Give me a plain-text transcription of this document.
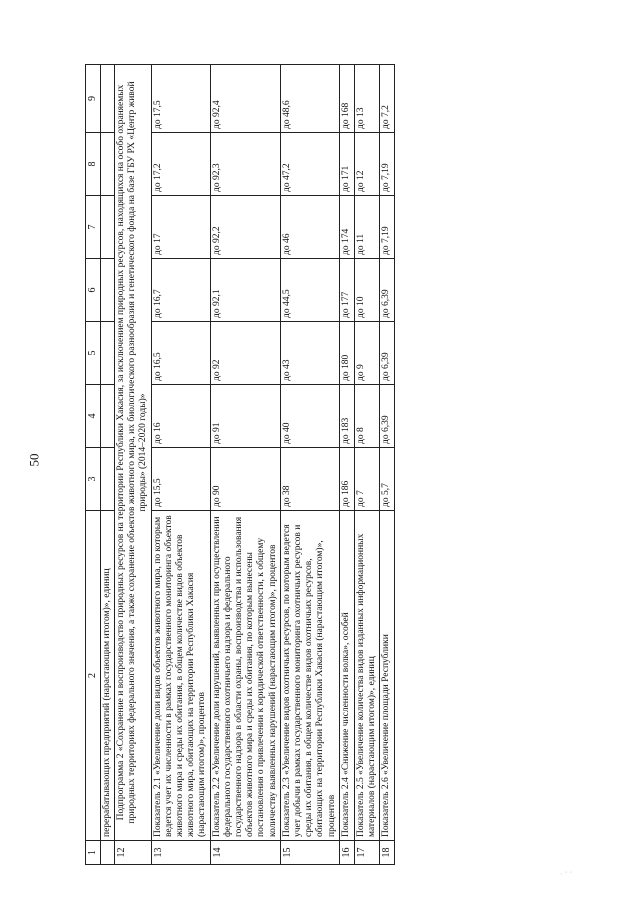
50
1	2	3	4	5	6	7	8	9
	перерабатывающих предприятий (нарастающим итогом)», единиц							
12	Подпрограмма 2 «Сохранение и воспроизводство природных ресурсов на территории Республики Хакасия, за исключением природных ресурсов, находящихся на особо охраняемых природных территориях федерального значения, а также сохранение объектов животного мира, их биологического разнообразия и генетического фонда на базе ГБУ РХ «Центр живой природы» (2014–2020 годы)»							
13	Показатель 2.1 «Увеличение доли видов объектов животного мира, по которым ведется учет их численности в рамках государственного мониторинга объектов животного мира и среды их обитания, в общем количестве видов объектов животного мира, обитающих на территории Республики Хакасия (нарастающим итогом)», процентов	до 15,5	до 16	до 16,5	до 16,7	до 17	до 17,2	до 17,5
14	Показатель 2.2 «Увеличение доли нарушений, выявленных при осуществлении федерального государственного охотничьего надзора и федерального государственного надзора в области охраны, воспроизводства и использования объектов животного мира и среды их обитания, по которым вынесены постановления о привлечении к юридической ответственности, к общему количеству выявленных нарушений (нарастающим итогом)», процентов	до 90	до 91	до 92	до 92,1	до 92,2	до 92,3	до 92,4
15	Показатель 2.3 «Увеличение видов охотничьих ресурсов, по которым ведется учет добычи в рамках государственного мониторинга охотничьих ресурсов и среды их обитания, в общем количестве видов охотничьих ресурсов, обитающих на территории Республики Хакасия (нарастающим итогом)», процентов	до 38	до 40	до 43	до 44,5	до 46	до 47,2	до 48,6
16	Показатель 2.4 «Снижение численности волка», особей	до 186	до 183	до 180	до 177	до 174	до 171	до 168
17	Показатель 2.5 «Увеличение количества видов изданных информационных материалов (нарастающим итогом)», единиц	до 7	до 8	до 9	до 10	до 11	до 12	до 13
18	Показатель 2.6 «Увеличение площади Республики	до 5,7	до 6,39	до 6,39	до 6,39	до 7,19	до 7,19	до 7,2
· ¨ ¨
